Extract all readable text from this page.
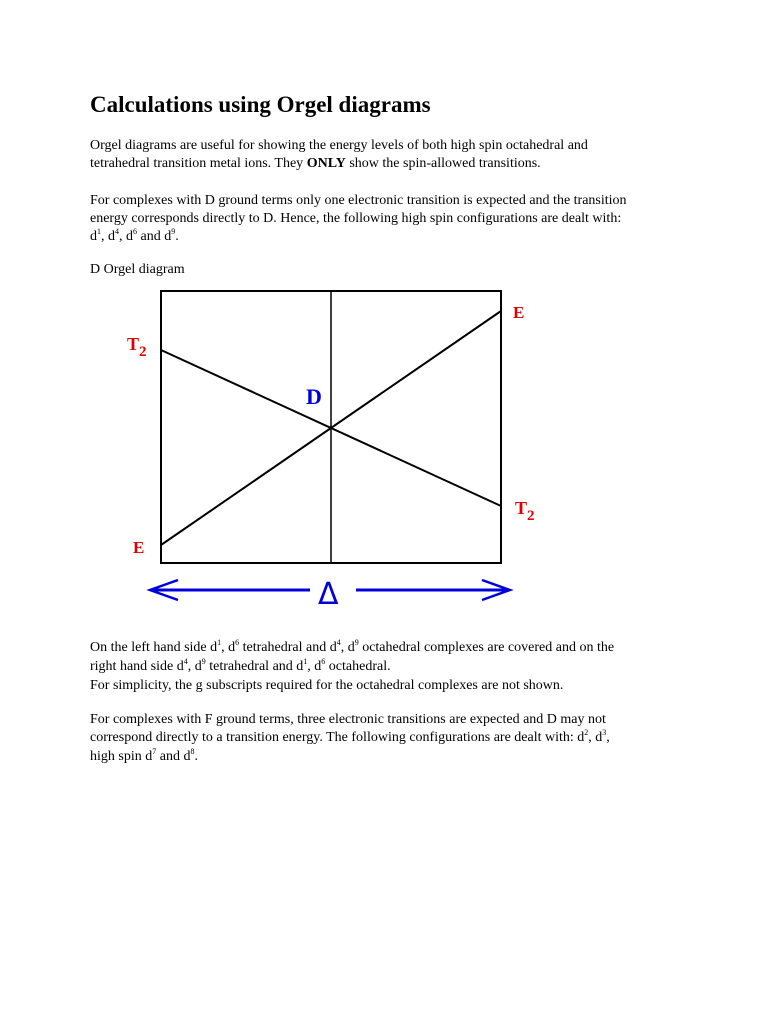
Calculations using Orgel diagrams

Orgel diagrams are useful for showing the energy levels of both high spin octahedral and
tetrahedral transition metal ions. They ONLY show the spin-allowed transitions.

For complexes with D ground terms only one electronic transition is expected and the transition
energy corresponds directly to D. Hence, the following high spin configurations are dealt with:
$d^1$, $d^4$, $d^6$ and $d^9$.

D Orgel diagram

On the left hand side $d^1$, $d^6$ tetrahedral and $d^4$, $d^9$ octahedral complexes are covered and on the
right hand side $d^4$, $d^9$ tetrahedral and $d^1$, $d^6$ octahedral.
For simplicity, the g subscripts required for the octahedral complexes are not shown.

For complexes with F ground terms, three electronic transitions are expected and D may not
correspond directly to a transition energy. The following configurations are dealt with: $d^2$, $d^3$,
high spin $d^7$ and $d^8$.

$T_2$
E
E
$T_2$
D
Δ
